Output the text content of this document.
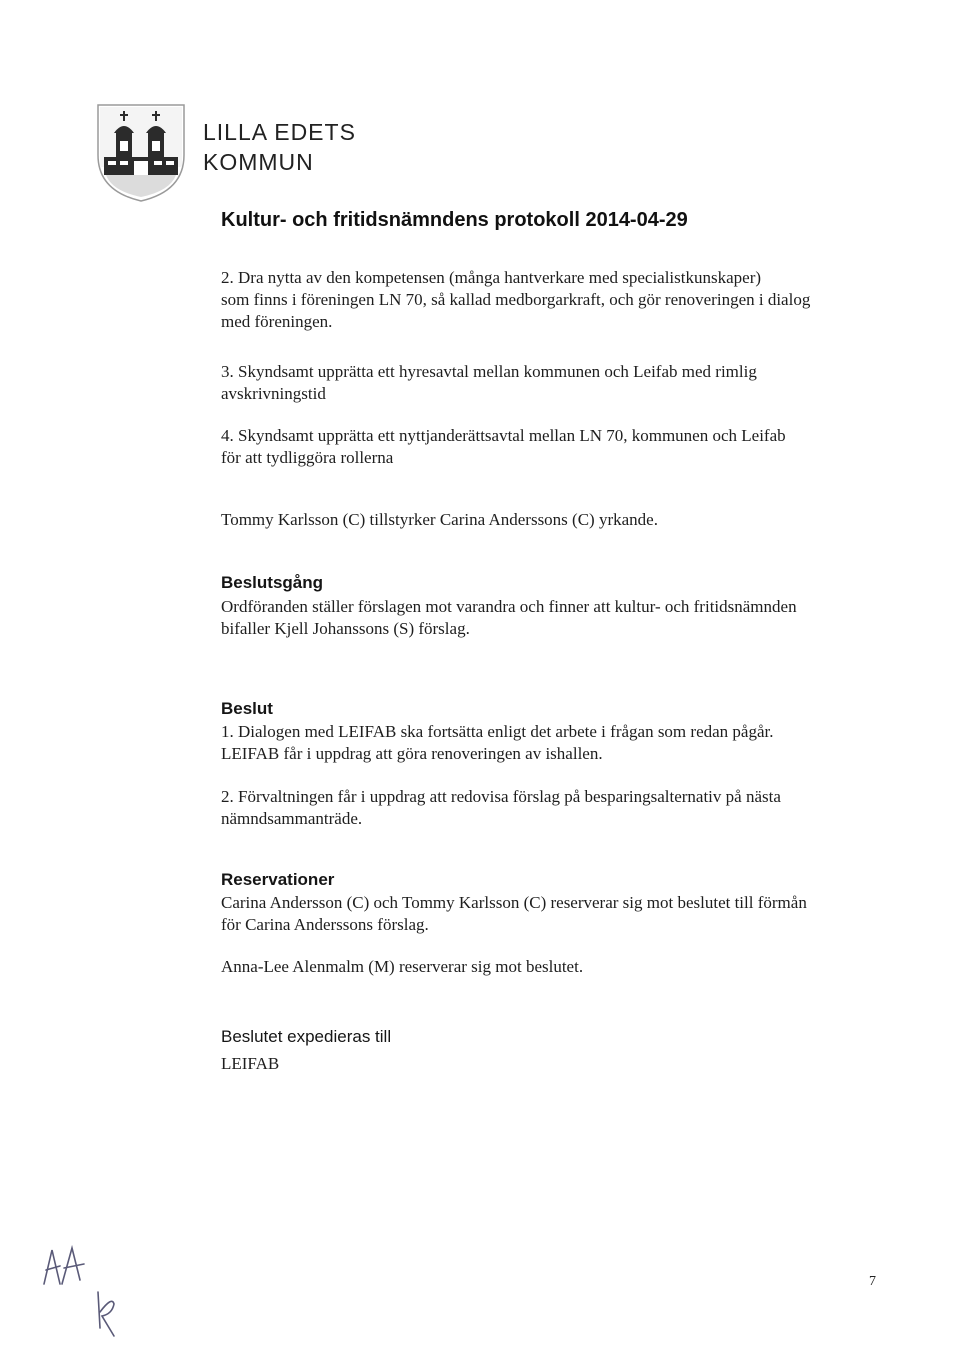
LILLA EDETS
KOMMUN
Kultur- och fritidsnämndens protokoll 2014-04-29
2. Dra nytta av den kompetensen (många hantverkare med specialistkunskaper)
som finns i föreningen LN 70, så kallad medborgarkraft, och gör renoveringen i dialog
med föreningen.
3. Skyndsamt upprätta ett hyresavtal mellan kommunen och Leifab med rimlig
avskrivningstid
4. Skyndsamt upprätta ett nyttjanderättsavtal mellan LN 70, kommunen och Leifab
för att tydliggöra rollerna
Tommy Karlsson (C) tillstyrker Carina Anderssons (C) yrkande.
Beslutsgång
Ordföranden ställer förslagen mot varandra och finner att kultur- och fritidsnämnden
bifaller Kjell Johanssons (S) förslag.
Beslut
1. Dialogen med LEIFAB ska fortsätta enligt det arbete i frågan som redan pågår.
LEIFAB får i uppdrag att göra renoveringen av ishallen.
2. Förvaltningen får i uppdrag att redovisa förslag på besparingsalternativ på nästa
nämndsammanträde.
Reservationer
Carina Andersson (C) och Tommy Karlsson (C) reserverar sig mot beslutet till förmån
för Carina Anderssons förslag.
Anna-Lee Alenmalm (M) reserverar sig mot beslutet.
Beslutet expedieras till
LEIFAB
7
